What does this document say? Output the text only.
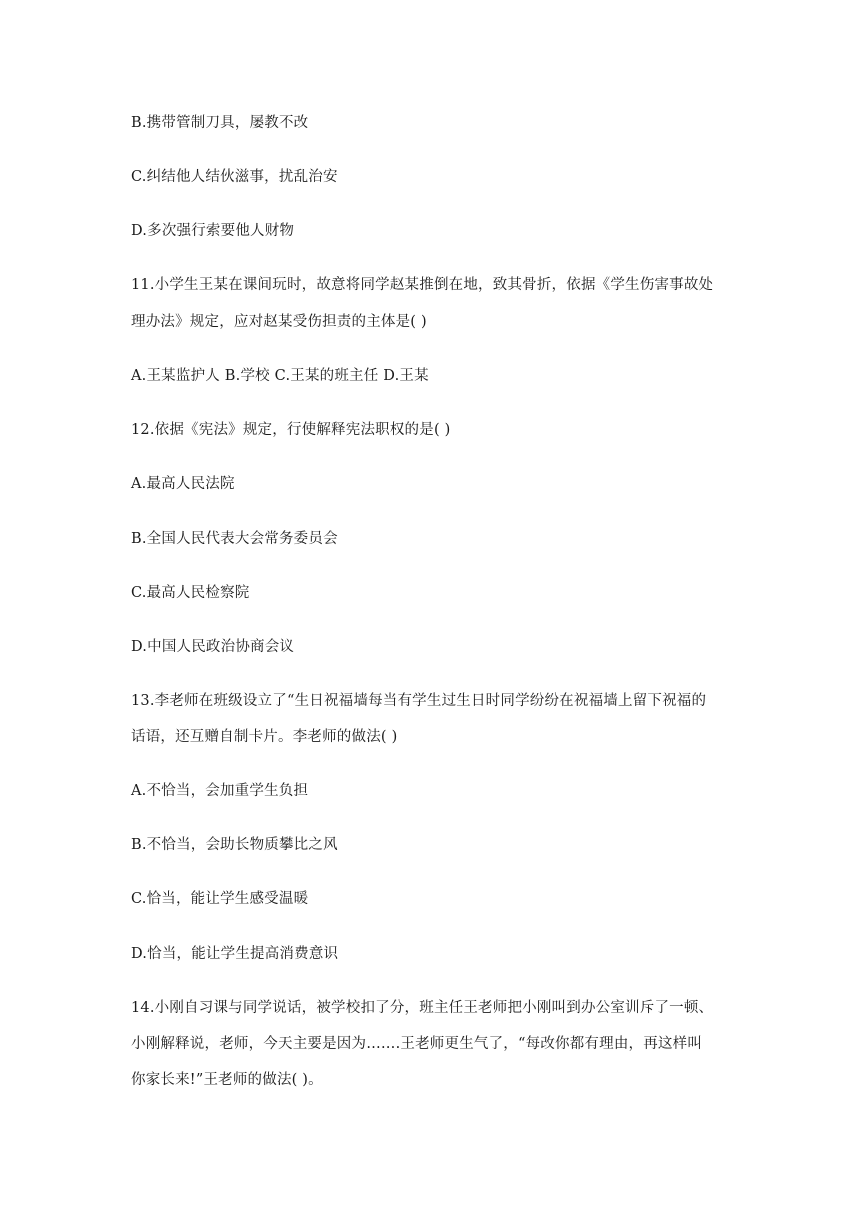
B.携带管制刀具，屡教不改
C.纠结他人结伙滋事，扰乱治安
D.多次强行索要他人财物
11.小学生王某在课间玩时，故意将同学赵某推倒在地，致其骨折，依据《学生伤害事故处
理办法》规定，应对赵某受伤担责的主体是( )
A.王某监护人 B.学校 C.王某的班主任 D.王某
12.依据《宪法》规定，行使解释宪法职权的是( )
A.最高人民法院
B.全国人民代表大会常务委员会
C.最高人民检察院
D.中国人民政治协商会议
13.李老师在班级设立了“生日祝福墙每当有学生过生日时同学纷纷在祝福墙上留下祝福的
话语，还互赠自制卡片。李老师的做法( )
A.不恰当，会加重学生负担
B.不恰当，会助长物质攀比之风
C.恰当，能让学生感受温暖
D.恰当，能让学生提高消费意识
14.小刚自习课与同学说话，被学校扣了分，班主任王老师把小刚叫到办公室训斥了一顿、
小刚解释说，老师，今天主要是因为…….王老师更生气了，“每改你都有理由，再这样叫
你家长来!”王老师的做法( )。
